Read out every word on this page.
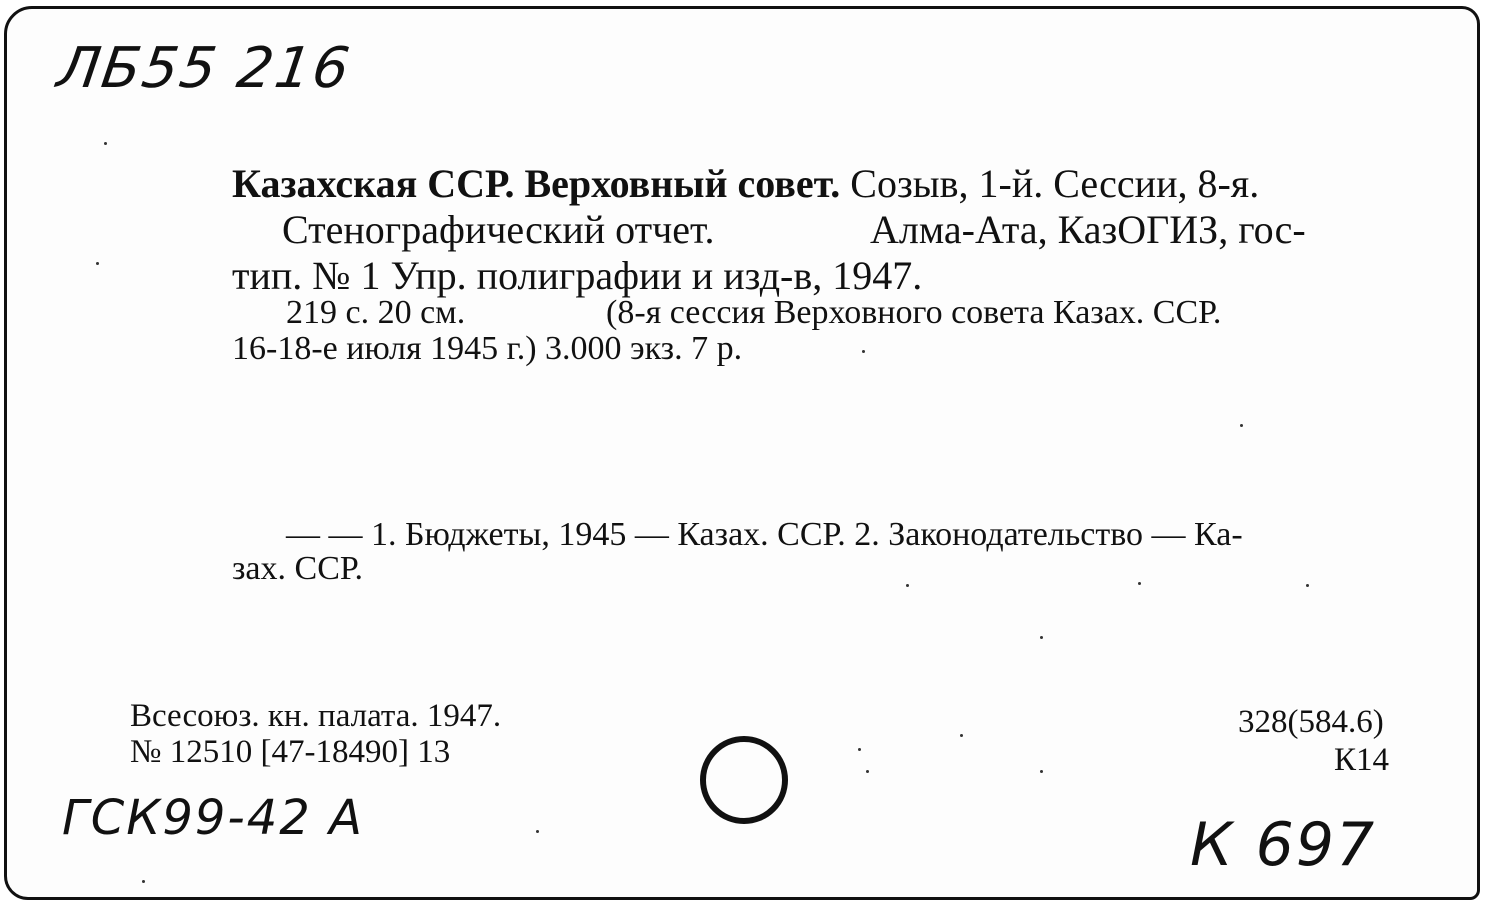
ЛБ55 216
Казахская ССР. Верховный совет. Созыв, 1-й. Сессии, 8-я.
Стенографический отчет.	Алма-Ата, КазОГИЗ, гос-
тип. № 1 Упр. полиграфии и изд-в, 1947.
219 с. 20 см.	(8-я сессия Верховного совета Казах. ССР.
16-18-е июля 1945 г.) 3.000 экз. 7 р.
— — 1. Бюджеты, 1945 — Казах. ССР. 2. Законодательство — Ка-
зах. ССР.
Всесоюз. кн. палата. 1947.
№ 12510 [47-18490] 13
328(584.6)
К14
ГСК99-42 А	К 697
